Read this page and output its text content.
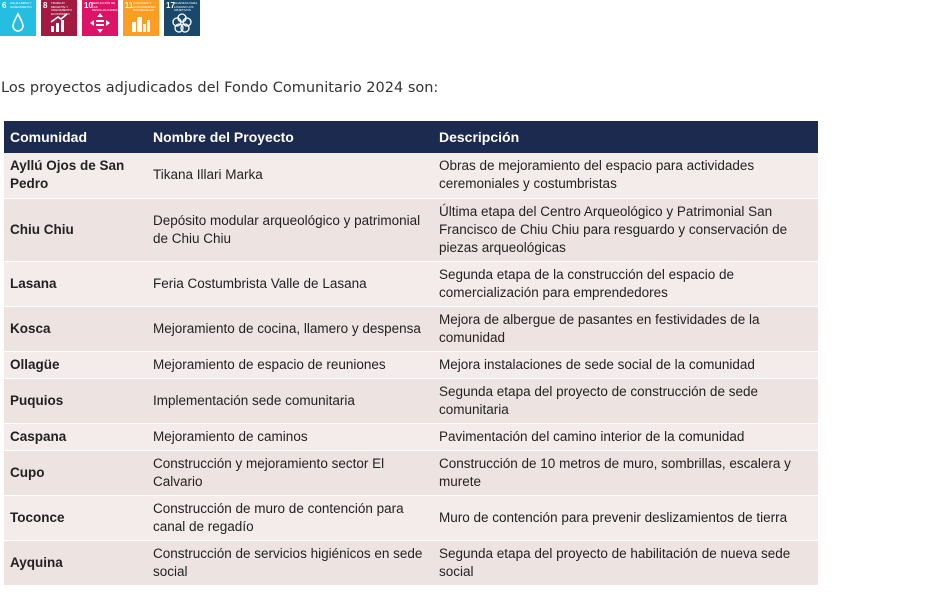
6 AGUA LIMPIA Y SANEAMIENTO 8 TRABAJO DECENTE Y CRECIMIENTO ECONÓMICO
10 REDUCCIÓN DE LAS DESIGUALDADES 11 CIUDADES Y COMUNIDADES SOSTENIBLES	17 ALIANZAS PARA LOGRAR LOS OBJETIVOS
Los proyectos adjudicados del Fondo Comunitario 2024 son:
Comunidad	Nombre del Proyecto	Descripción
Ayllú Ojos de San Pedro	Tikana Illari Marka	Obras de mejoramiento del espacio para actividades ceremoniales y costumbristas
Chiu Chiu	Depósito modular arqueológico y patrimonial de Chiu Chiu	Última etapa del Centro Arqueológico y Patrimonial San Francisco de Chiu Chiu para resguardo y conservación de piezas arqueológicas
Lasana	Feria Costumbrista Valle de Lasana	Segunda etapa de la construcción del espacio de comercialización para emprendedores
Kosca	Mejoramiento de cocina, llamero y despensa	Mejora de albergue de pasantes en festividades de la comunidad
Ollagüe	Mejoramiento de espacio de reuniones	Mejora instalaciones de sede social de la comunidad
Puquios	Implementación sede comunitaria	Segunda etapa del proyecto de construcción de sede comunitaria
Caspana	Mejoramiento de caminos	Pavimentación del camino interior de la comunidad
Cupo	Construcción y mejoramiento sector El Calvario	Construcción de 10 metros de muro, sombrillas, escalera y murete
Toconce	Construcción de muro de contención para canal de regadío	Muro de contención para prevenir deslizamientos de tierra
Ayquina	Construcción de servicios higiénicos en sede social	Segunda etapa del proyecto de habilitación de nueva sede social
